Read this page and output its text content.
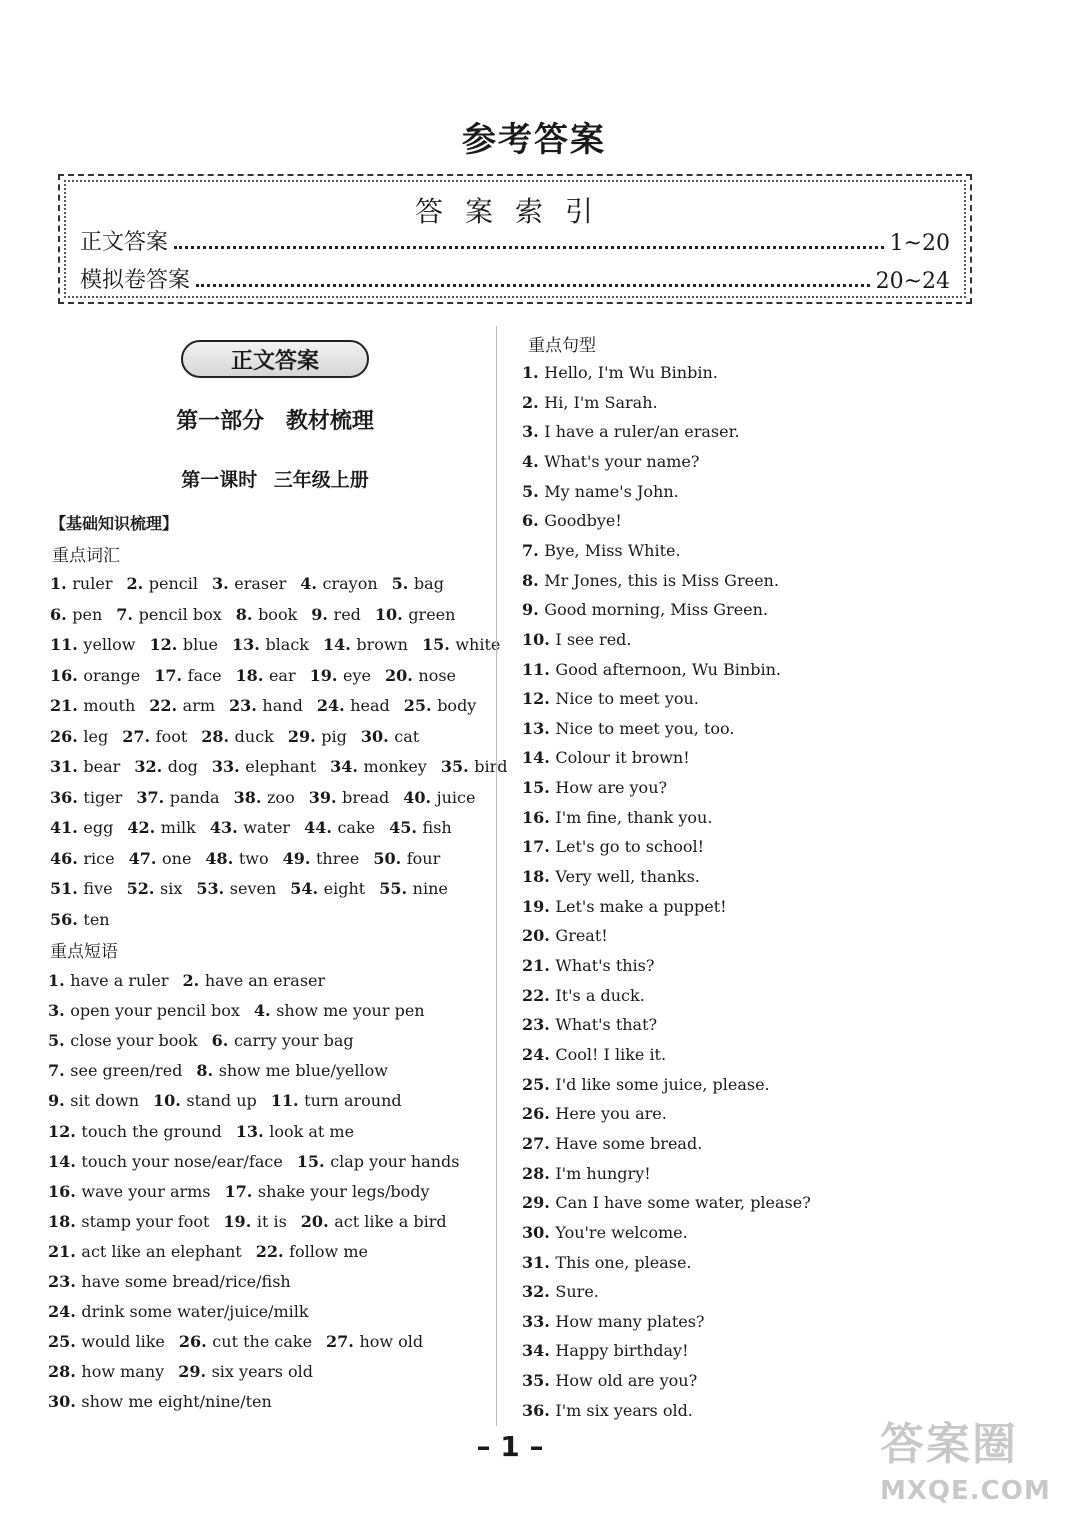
参考答案
答案索引
正文答案	1~20
模拟卷答案	20~24
正文答案
第一部分 教材梳理
第一课时 三年级上册
【基础知识梳理】
重点词汇
1. ruler 2. pencil 3. eraser 4. crayon 5. bag
6. pen 7. pencil box 8. book 9. red 10. green
11. yellow 12. blue 13. black 14. brown 15. white
16. orange 17. face 18. ear 19. eye 20. nose
21. mouth 22. arm 23. hand 24. head 25. body
26. leg 27. foot 28. duck 29. pig 30. cat
31. bear 32. dog 33. elephant 34. monkey 35. bird
36. tiger 37. panda 38. zoo 39. bread 40. juice
41. egg 42. milk 43. water 44. cake 45. fish
46. rice 47. one 48. two 49. three 50. four
51. five 52. six 53. seven 54. eight 55. nine
56. ten
重点短语
1. have a ruler 2. have an eraser
3. open your pencil box 4. show me your pen
5. close your book 6. carry your bag
7. see green/red 8. show me blue/yellow
9. sit down 10. stand up 11. turn around
12. touch the ground 13. look at me
14. touch your nose/ear/face 15. clap your hands
16. wave your arms 17. shake your legs/body
18. stamp your foot 19. it is 20. act like a bird
21. act like an elephant 22. follow me
23. have some bread/rice/fish
24. drink some water/juice/milk
25. would like 26. cut the cake 27. how old
28. how many 29. six years old
30. show me eight/nine/ten
重点句型
1. Hello, I'm Wu Binbin.
2. Hi, I'm Sarah.
3. I have a ruler/an eraser.
4. What's your name?
5. My name's John.
6. Goodbye!
7. Bye, Miss White.
8. Mr Jones, this is Miss Green.
9. Good morning, Miss Green.
10. I see red.
11. Good afternoon, Wu Binbin.
12. Nice to meet you.
13. Nice to meet you, too.
14. Colour it brown!
15. How are you?
16. I'm fine, thank you.
17. Let's go to school!
18. Very well, thanks.
19. Let's make a puppet!
20. Great!
21. What's this?
22. It's a duck.
23. What's that?
24. Cool! I like it.
25. I'd like some juice, please.
26. Here you are.
27. Have some bread.
28. I'm hungry!
29. Can I have some water, please?
30. You're welcome.
31. This one, please.
32. Sure.
33. How many plates?
34. Happy birthday!
35. How old are you?
36. I'm six years old.
– 1 –	答案圈
MXQE.COM
